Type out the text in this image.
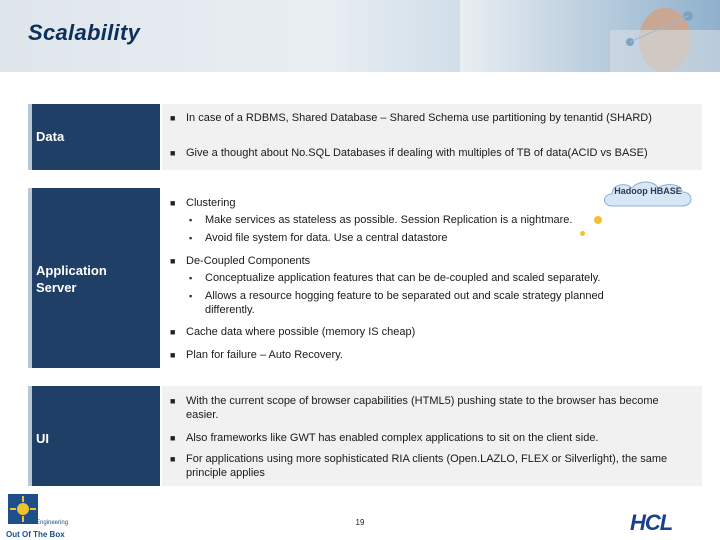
Scalability
Data
■ In case of a RDBMS, Shared Database – Shared Schema use partitioning by tenantid (SHARD)
■ Give a thought about No.SQL Databases if dealing with multiples of TB of data(ACID vs BASE)
Application Server
■ Clustering
▪ Make services as stateless as possible. Session Replication is a nightmare.
▪ Avoid file system for data. Use a central datastore
■ De-Coupled Components
▪ Conceptualize application features that can be de-coupled and scaled separately.
▪ Allows a resource hogging feature to be separated out and scale strategy planned differently.
■ Cache data where possible (memory IS cheap)
■ Plan for failure – Auto Recovery.
Hadoop HBASE
UI
■ With the current scope of browser capabilities (HTML5) pushing state to the browser has become easier.
■ Also frameworks like GWT has enabled complex applications to sit on the client side.
■ For applications using more sophisticated RIA clients (Open.LAZLO, FLEX or Silverlight), the same principle applies
Engineering
Out Of The Box
19	HCL
